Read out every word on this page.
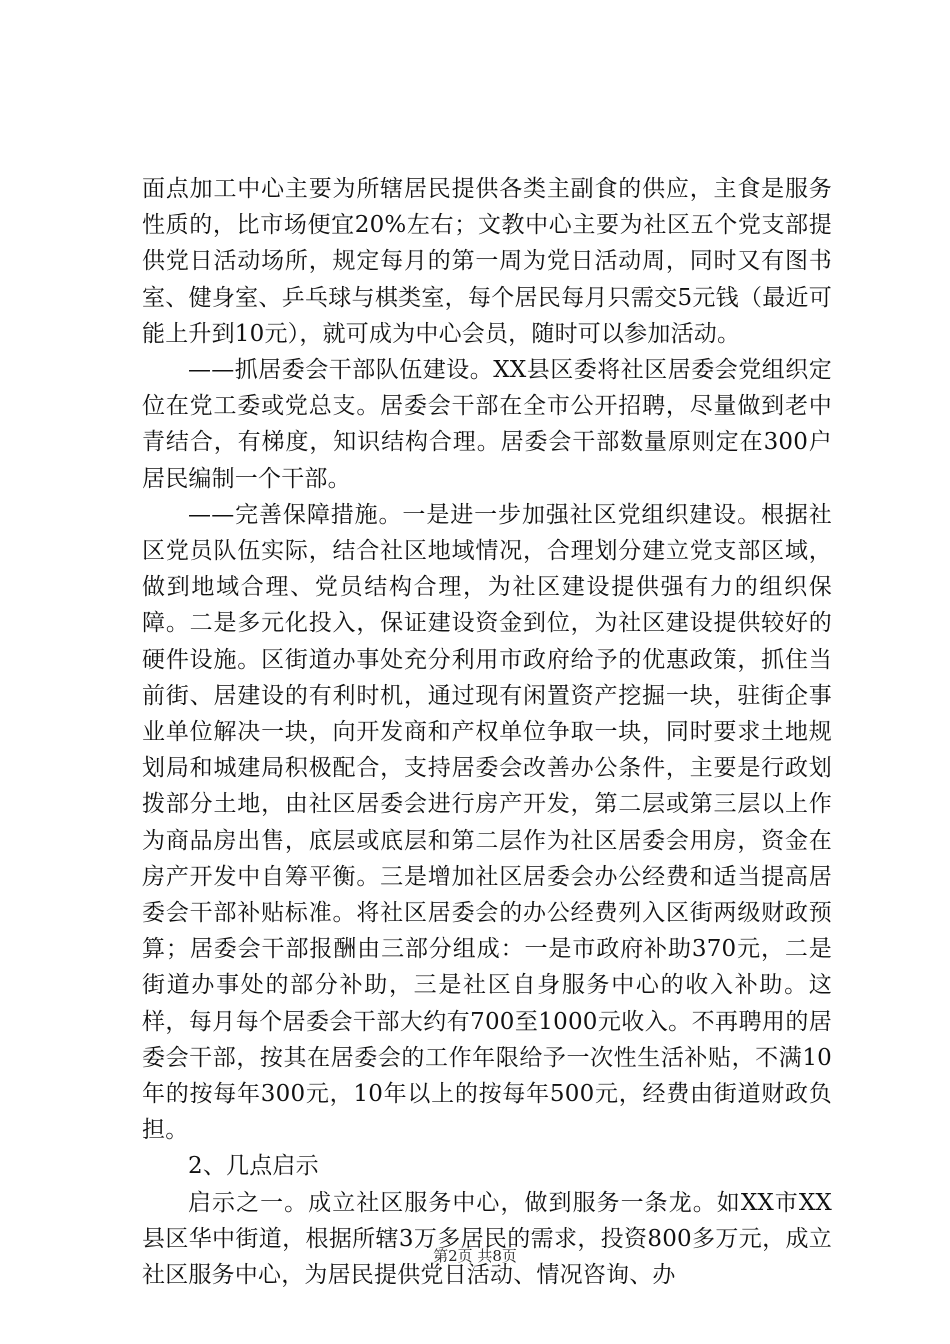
面点加工中心主要为所辖居民提供各类主副食的供应，主食是服务性质的，比市场便宜20%左右；文教中心主要为社区五个党支部提供党日活动场所，规定每月的第一周为党日活动周，同时又有图书室、健身室、乒乓球与棋类室，每个居民每月只需交5元钱（最近可能上升到10元），就可成为中心会员，随时可以参加活动。

——抓居委会干部队伍建设。XX县区委将社区居委会党组织定位在党工委或党总支。居委会干部在全市公开招聘，尽量做到老中青结合，有梯度，知识结构合理。居委会干部数量原则定在300户居民编制一个干部。

——完善保障措施。一是进一步加强社区党组织建设。根据社区党员队伍实际，结合社区地域情况，合理划分建立党支部区域，做到地域合理、党员结构合理，为社区建设提供强有力的组织保障。二是多元化投入，保证建设资金到位，为社区建设提供较好的硬件设施。区街道办事处充分利用市政府给予的优惠政策，抓住当前街、居建设的有利时机，通过现有闲置资产挖掘一块，驻街企事业单位解决一块，向开发商和产权单位争取一块，同时要求土地规划局和城建局积极配合，支持居委会改善办公条件，主要是行政划拨部分土地，由社区居委会进行房产开发，第二层或第三层以上作为商品房出售，底层或底层和第二层作为社区居委会用房，资金在房产开发中自筹平衡。三是增加社区居委会办公经费和适当提高居委会干部补贴标准。将社区居委会的办公经费列入区街两级财政预算；居委会干部报酬由三部分组成：一是市政府补助370元，二是街道办事处的部分补助，三是社区自身服务中心的收入补助。这样，每月每个居委会干部大约有700至1000元收入。不再聘用的居委会干部，按其在居委会的工作年限给予一次性生活补贴，不满10年的按每年300元，10年以上的按每年500元，经费由街道财政负担。

2、几点启示

启示之一。成立社区服务中心，做到服务一条龙。如XX市XX县区华中街道，根据所辖3万多居民的需求，投资800多万元，成立社区服务中心，为居民提供党日活动、情况咨询、办

第2页 共8页
